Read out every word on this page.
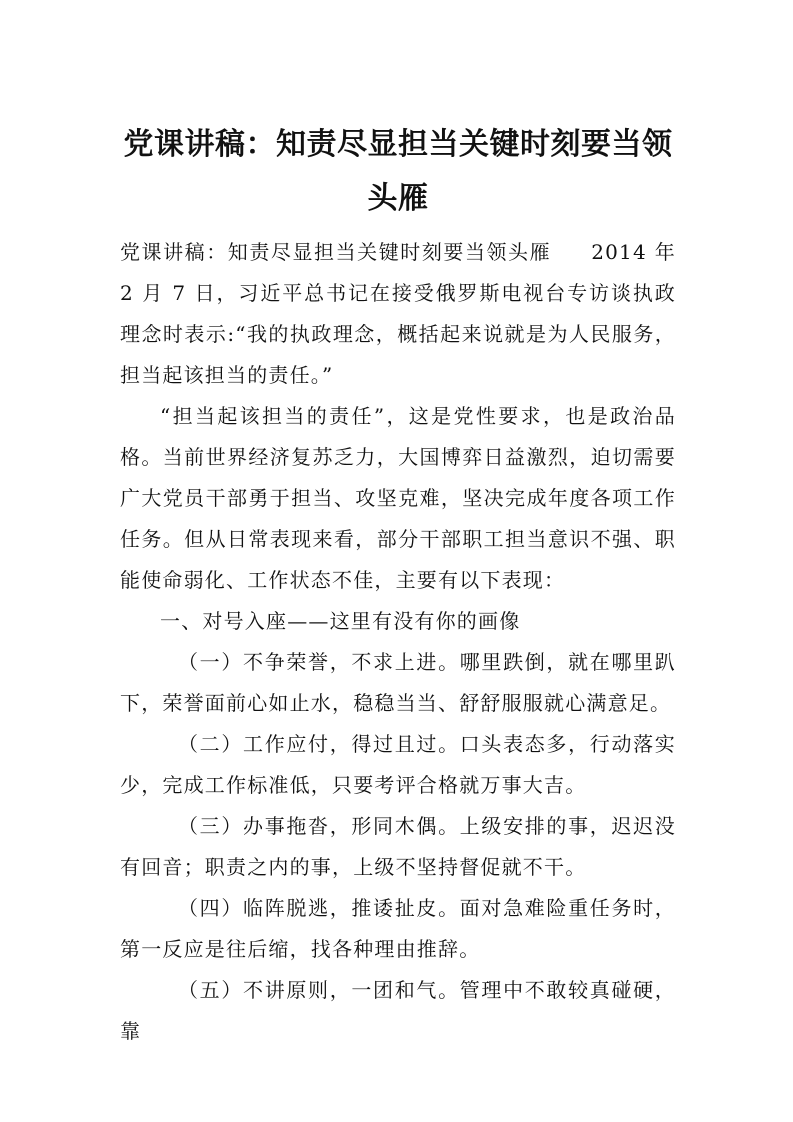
党课讲稿：知责尽显担当关键时刻要当领头雁

党课讲稿：知责尽显担当关键时刻要当领头雁 2014 年 2 月 7 日，习近平总书记在接受俄罗斯电视台专访谈执政理念时表示:“我的执政理念，概括起来说就是为人民服务，担当起该担当的责任。”

“担当起该担当的责任”，这是党性要求，也是政治品格。当前世界经济复苏乏力，大国博弈日益激烈，迫切需要广大党员干部勇于担当、攻坚克难，坚决完成年度各项工作任务。但从日常表现来看，部分干部职工担当意识不强、职能使命弱化、工作状态不佳，主要有以下表现：

一、对号入座——这里有没有你的画像

（一）不争荣誉，不求上进。哪里跌倒，就在哪里趴下，荣誉面前心如止水，稳稳当当、舒舒服服就心满意足。

（二）工作应付，得过且过。口头表态多，行动落实少，完成工作标准低，只要考评合格就万事大吉。

（三）办事拖沓，形同木偶。上级安排的事，迟迟没有回音；职责之内的事，上级不坚持督促就不干。

（四）临阵脱逃，推诿扯皮。面对急难险重任务时，第一反应是往后缩，找各种理由推辞。

（五）不讲原则，一团和气。管理中不敢较真碰硬，靠
